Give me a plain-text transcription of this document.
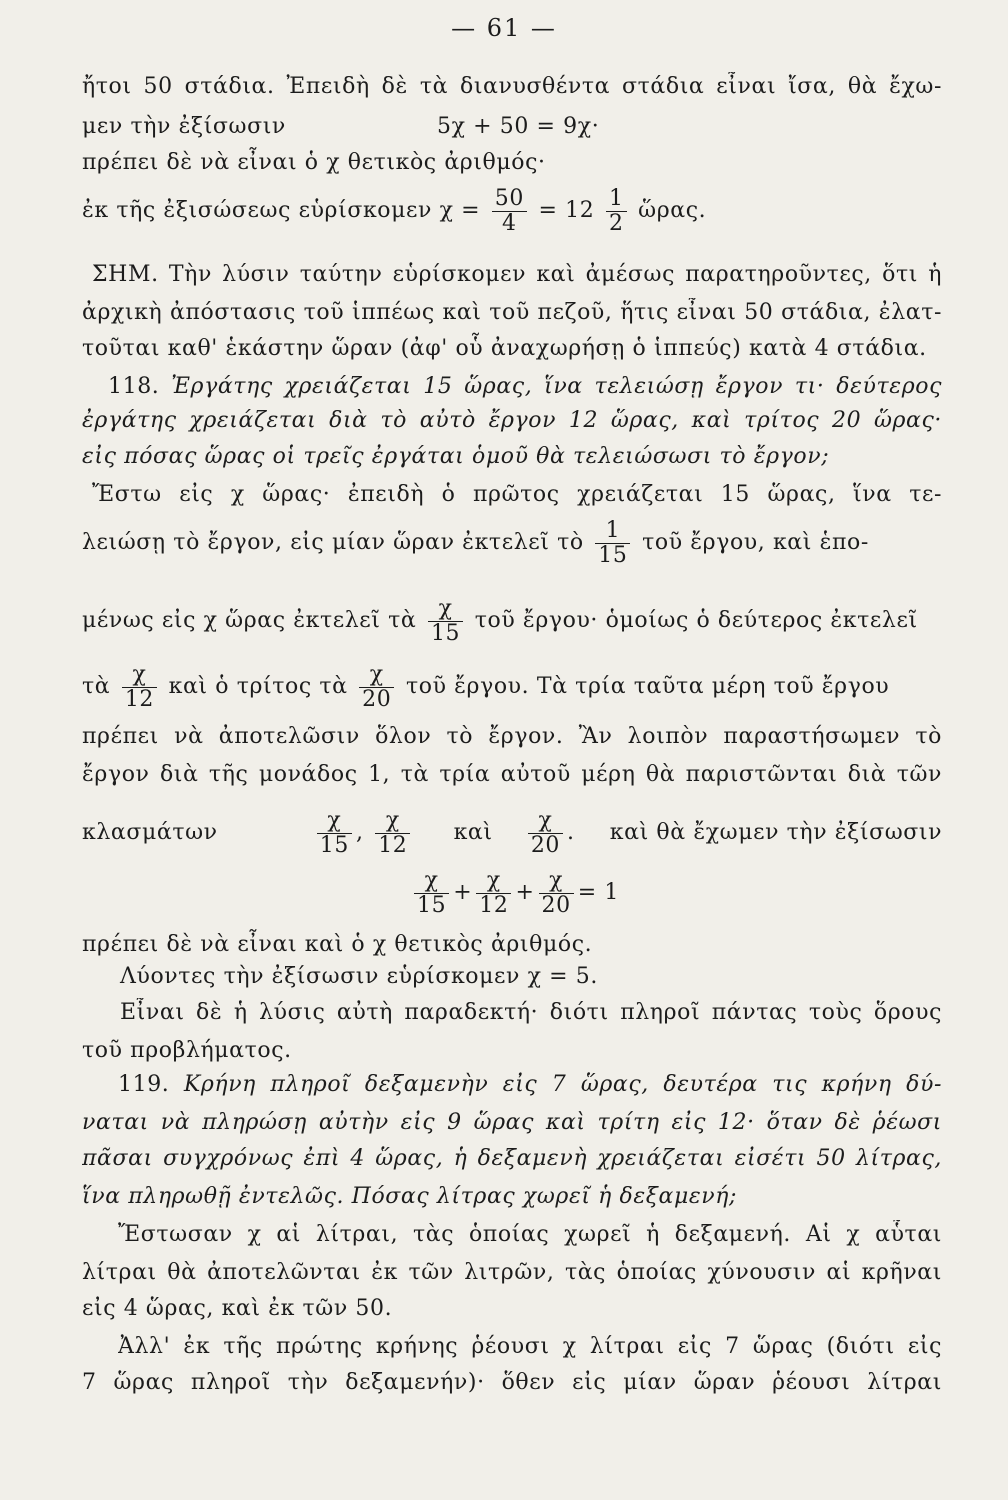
— 61 —
ἤτοι 50 στάδια. Ἐπειδὴ δὲ τὰ διανυσθέντα στάδια εἶναι ἴσα, θὰ ἔχω-
μεν τὴν ἐξίσωσιν	5χ + 50 = 9χ·
πρέπει δὲ νὰ εἶναι ὁ χ θετικὸς ἀριθμός·
ἐκ τῆς ἐξισώσεως εὑρίσκομεν $\chi = \frac{50}{4} = 12 \frac{1}{2}$ ὥρας.
ΣΗΜ. Τὴν λύσιν ταύτην εὑρίσκομεν καὶ ἀμέσως παρατηροῦντες, ὅτι ἡ
ἀρχικὴ ἀπόστασις τοῦ ἱππέως καὶ τοῦ πεζοῦ, ἥτις εἶναι 50 στάδια, ἐλατ-
τοῦται καθ' ἑκάστην ὥραν (ἀφ' οὗ ἀναχωρήσῃ ὁ ἱππεύς) κατὰ 4 στάδια.
118. Ἐργάτης χρειάζεται 15 ὥρας, ἵνα τελειώσῃ ἔργον τι· δεύτερος
ἐργάτης χρειάζεται διὰ τὸ αὐτὸ ἔργον 12 ὥρας, καὶ τρίτος 20 ὥρας·
εἰς πόσας ὥρας οἱ τρεῖς ἐργάται ὁμοῦ θὰ τελειώσωσι τὸ ἔργον;
Ἔστω εἰς χ ὥρας· ἐπειδὴ ὁ πρῶτος χρειάζεται 15 ὥρας, ἵνα τε-
λειώσῃ τὸ ἔργον, εἰς μίαν ὥραν ἐκτελεῖ τὸ $\frac{1}{15}$ τοῦ ἔργου, καὶ ἑπο-
μένως εἰς χ ὥρας ἐκτελεῖ τὰ $\frac{\chi}{15}$ τοῦ ἔργου· ὁμοίως ὁ δεύτερος ἐκτελεῖ
τὰ $\frac{\chi}{12}$ καὶ ὁ τρίτος τὰ $\frac{\chi}{20}$ τοῦ ἔργου. Τὰ τρία ταῦτα μέρη τοῦ ἔργου
πρέπει νὰ ἀποτελῶσιν ὅλον τὸ ἔργον. Ἂν λοιπὸν παραστήσωμεν τὸ
ἔργον διὰ τῆς μονάδος 1, τὰ τρία αὐτοῦ μέρη θὰ παριστῶνται διὰ τῶν
κλασμάτων	$\frac{\chi}{15}$ , $\frac{\chi}{12}$ καὶ $\frac{\chi}{20}$ .  καὶ θὰ ἔχωμεν τὴν ἐξίσωσιν
$\frac{\chi}{15} + \frac{\chi}{12} + \frac{\chi}{20} = 1$
πρέπει δὲ νὰ εἶναι καὶ ὁ χ θετικὸς ἀριθμός.
Λύοντες τὴν ἐξίσωσιν εὑρίσκομεν χ = 5.
Εἶναι δὲ ἡ λύσις αὐτὴ παραδεκτή· διότι πληροῖ πάντας τοὺς ὅρους
τοῦ προβλήματος.
119. Κρήνη πληροῖ δεξαμενὴν εἰς 7 ὥρας, δευτέρα τις κρήνη δύ-
ναται νὰ πληρώσῃ αὐτὴν εἰς 9 ὥρας καὶ τρίτη εἰς 12· ὅταν δὲ ῥέωσι
πᾶσαι συγχρόνως ἐπὶ 4 ὥρας, ἡ δεξαμενὴ χρειάζεται εἰσέτι 50 λίτρας,
ἵνα πληρωθῇ ἐντελῶς. Πόσας λίτρας χωρεῖ ἡ δεξαμενή;
Ἔστωσαν χ αἱ λίτραι, τὰς ὁποίας χωρεῖ ἡ δεξαμενή. Αἱ χ αὗται
λίτραι θὰ ἀποτελῶνται ἐκ τῶν λιτρῶν, τὰς ὁποίας χύνουσιν αἱ κρῆναι
εἰς 4 ὥρας, καὶ ἐκ τῶν 50.
Ἀλλ' ἐκ τῆς πρώτης κρήνης ῥέουσι χ λίτραι εἰς 7 ὥρας (διότι εἰς
7 ὥρας πληροῖ τὴν δεξαμενήν)· ὅθεν εἰς μίαν ὥραν ῥέουσι λίτραι
